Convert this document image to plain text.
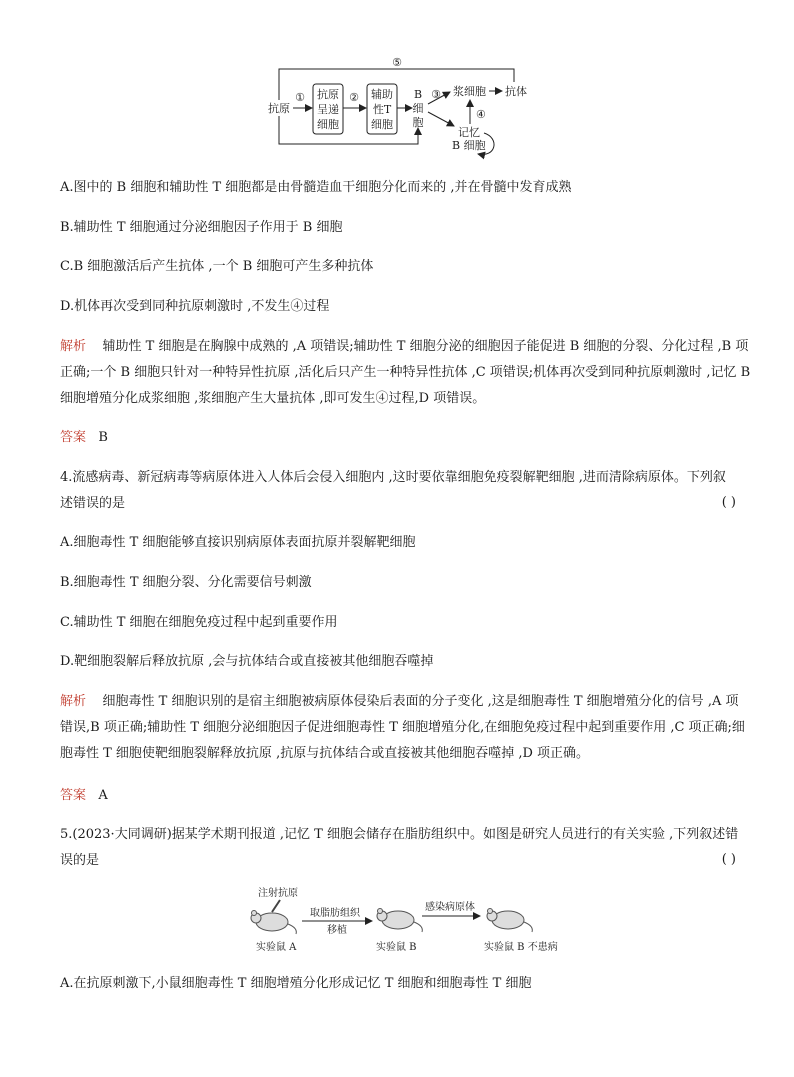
⑤
抗原
① 抗原
呈递
细胞
② 辅助
性T
细胞
B
细
胞
③ 浆细胞 抗体
④
记忆
B 细胞
A.图中的 B 细胞和辅助性 T 细胞都是由骨髓造血干细胞分化而来的 ,并在骨髓中发育成熟
B.辅助性 T 细胞通过分泌细胞因子作用于 B 细胞
C.B 细胞激活后产生抗体 ,一个 B 细胞可产生多种抗体
D.机体再次受到同种抗原刺激时 ,不发生④过程
解析 辅助性 T 细胞是在胸腺中成熟的 ,A 项错误;辅助性 T 细胞分泌的细胞因子能促进 B 细胞的分裂、分化过程 ,B 项
正确;一个 B 细胞只针对一种特异性抗原 ,活化后只产生一种特异性抗体 ,C 项错误;机体再次受到同种抗原刺激时 ,记忆 B
细胞增殖分化成浆细胞 ,浆细胞产生大量抗体 ,即可发生④过程,D 项错误。
答案 B
4.流感病毒、新冠病毒等病原体进入人体后会侵入细胞内 ,这时要依靠细胞免疫裂解靶细胞 ,进而清除病原体。下列叙
述错误的是	( )
A.细胞毒性 T 细胞能够直接识别病原体表面抗原并裂解靶细胞
B.细胞毒性 T 细胞分裂、分化需要信号刺激
C.辅助性 T 细胞在细胞免疫过程中起到重要作用
D.靶细胞裂解后释放抗原 ,会与抗体结合或直接被其他细胞吞噬掉
解析 细胞毒性 T 细胞识别的是宿主细胞被病原体侵染后表面的分子变化 ,这是细胞毒性 T 细胞增殖分化的信号 ,A 项
错误,B 项正确;辅助性 T 细胞分泌细胞因子促进细胞毒性 T 细胞增殖分化,在细胞免疫过程中起到重要作用 ,C 项正确;细
胞毒性 T 细胞使靶细胞裂解释放抗原 ,抗原与抗体结合或直接被其他细胞吞噬掉 ,D 项正确。
答案 A
5.(2023·大同调研)据某学术期刊报道 ,记忆 T 细胞会储存在脂肪组织中。如图是研究人员进行的有关实验 ,下列叙述错
误的是	( )
注射抗原
实验鼠 A
取脂肪组织
移植
实验鼠 B
感染病原体
实验鼠 B 不患病
A.在抗原刺激下,小鼠细胞毒性 T 细胞增殖分化形成记忆 T 细胞和细胞毒性 T 细胞
